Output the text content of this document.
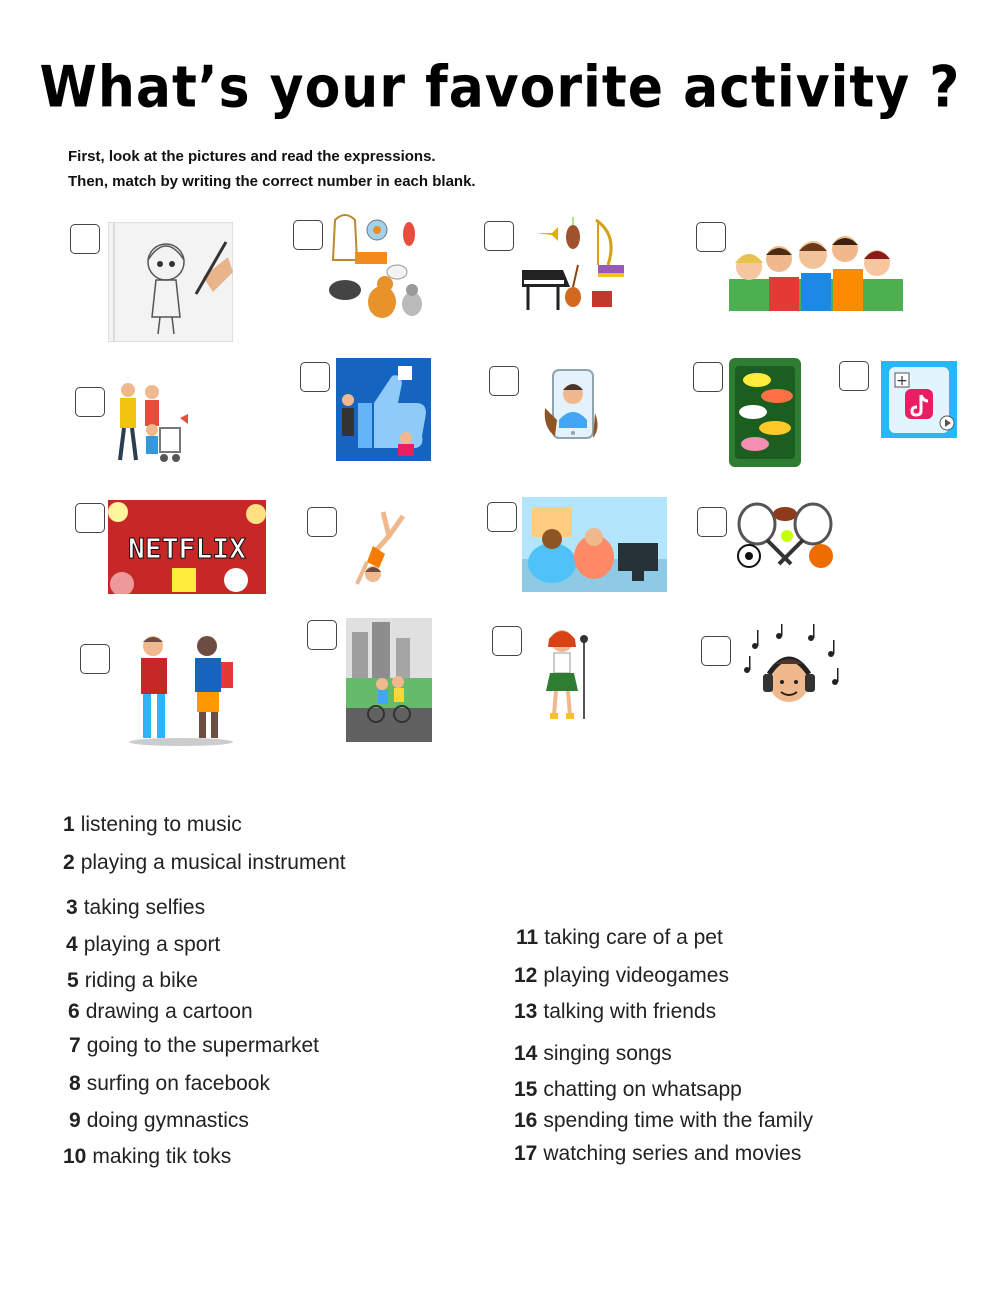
What’s your favorite activity ?
First, look at the pictures and read the expressions.
Then, match by writing the correct number in each blank.
+
NETFLIX
1 listening to music
2 playing a musical instrument
3 taking selfies
4 playing a sport
5 riding a bike
6 drawing a cartoon
7 going to the supermarket
8 surfing on facebook
9 doing gymnastics
10 making tik toks
11 taking care of a pet
12 playing videogames
13 talking with friends
14 singing songs
15 chatting on whatsapp
16 spending time with the family
17 watching series and movies
